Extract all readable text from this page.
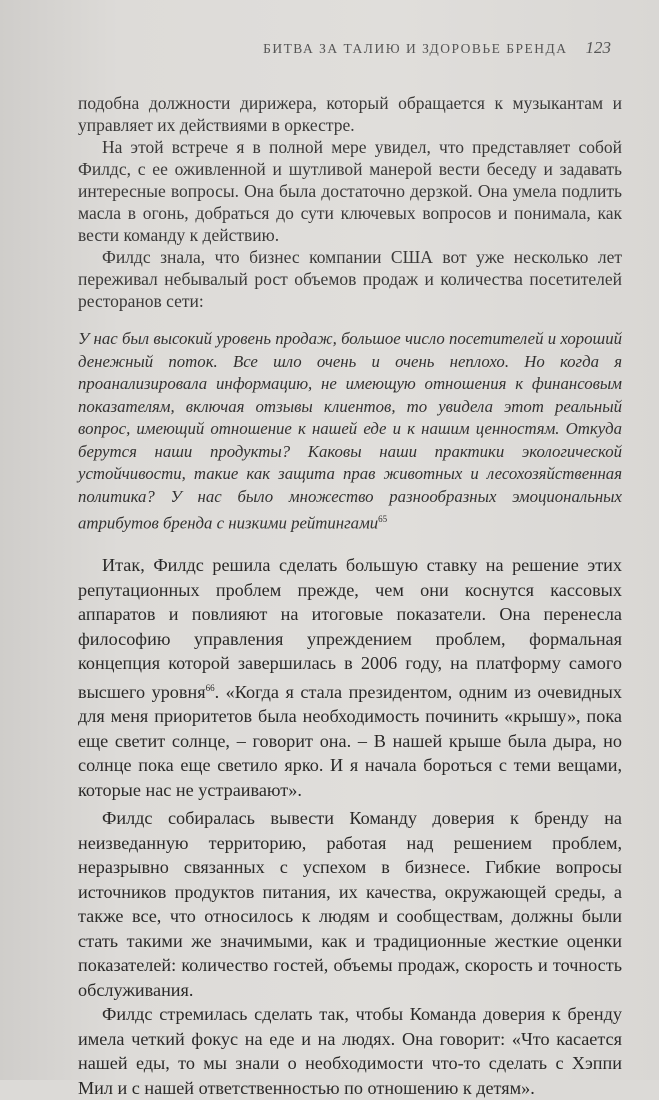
БИТВА ЗА ТАЛИЮ И ЗДОРОВЬЕ БРЕНДА 123

подобна должности дирижера, который обращается к музыкантам и управляет их действиями в оркестре.

На этой встрече я в полной мере увидел, что представляет собой Филдс, с ее оживленной и шутливой манерой вести беседу и задавать интересные вопросы. Она была достаточно дерзкой. Она умела подлить масла в огонь, добраться до сути ключевых вопросов и понимала, как вести команду к действию.

Филдс знала, что бизнес компании США вот уже несколько лет переживал небывалый рост объемов продаж и количества посетителей ресторанов сети:

У нас был высокий уровень продаж, большое число посетителей и хороший денежный поток. Все шло очень и очень неплохо. Но когда я проанализировала информацию, не имеющую отношения к финансовым показателям, включая отзывы клиентов, то увидела этот реальный вопрос, имеющий отношение к нашей еде и к нашим ценностям. Откуда берутся наши продукты? Каковы наши практики экологической устойчивости, такие как защита прав животных и лесохозяйственная политика? У нас было множество разнообразных эмоциональных атрибутов бренда с низкими рейтингами$^{65}$

Итак, Филдс решила сделать большую ставку на решение этих репутационных проблем прежде, чем они коснутся кассовых аппаратов и повлияют на итоговые показатели. Она перенесла философию управления упреждением проблем, формальная концепция которой завершилась в 2006 году, на платформу самого высшего уровня$^{66}$. «Когда я стала президентом, одним из очевидных для меня приоритетов была необходимость починить «крышу», пока еще светит солнце, – говорит она. – В нашей крыше была дыра, но солнце пока еще светило ярко. И я начала бороться с теми вещами, которые нас не устраивают».

Филдс собиралась вывести Команду доверия к бренду на неизведанную территорию, работая над решением проблем, неразрывно связанных с успехом в бизнесе. Гибкие вопросы источников продуктов питания, их качества, окружающей среды, а также все, что относилось к людям и сообществам, должны были стать такими же значимыми, как и традиционные жесткие оценки показателей: количество гостей, объемы продаж, скорость и точность обслуживания.

Филдс стремилась сделать так, чтобы Команда доверия к бренду имела четкий фокус на еде и на людях. Она говорит: «Что касается нашей еды, то мы знали о необходимости что-то сделать с Хэппи Мил и с нашей ответственностью по отношению к детям».
